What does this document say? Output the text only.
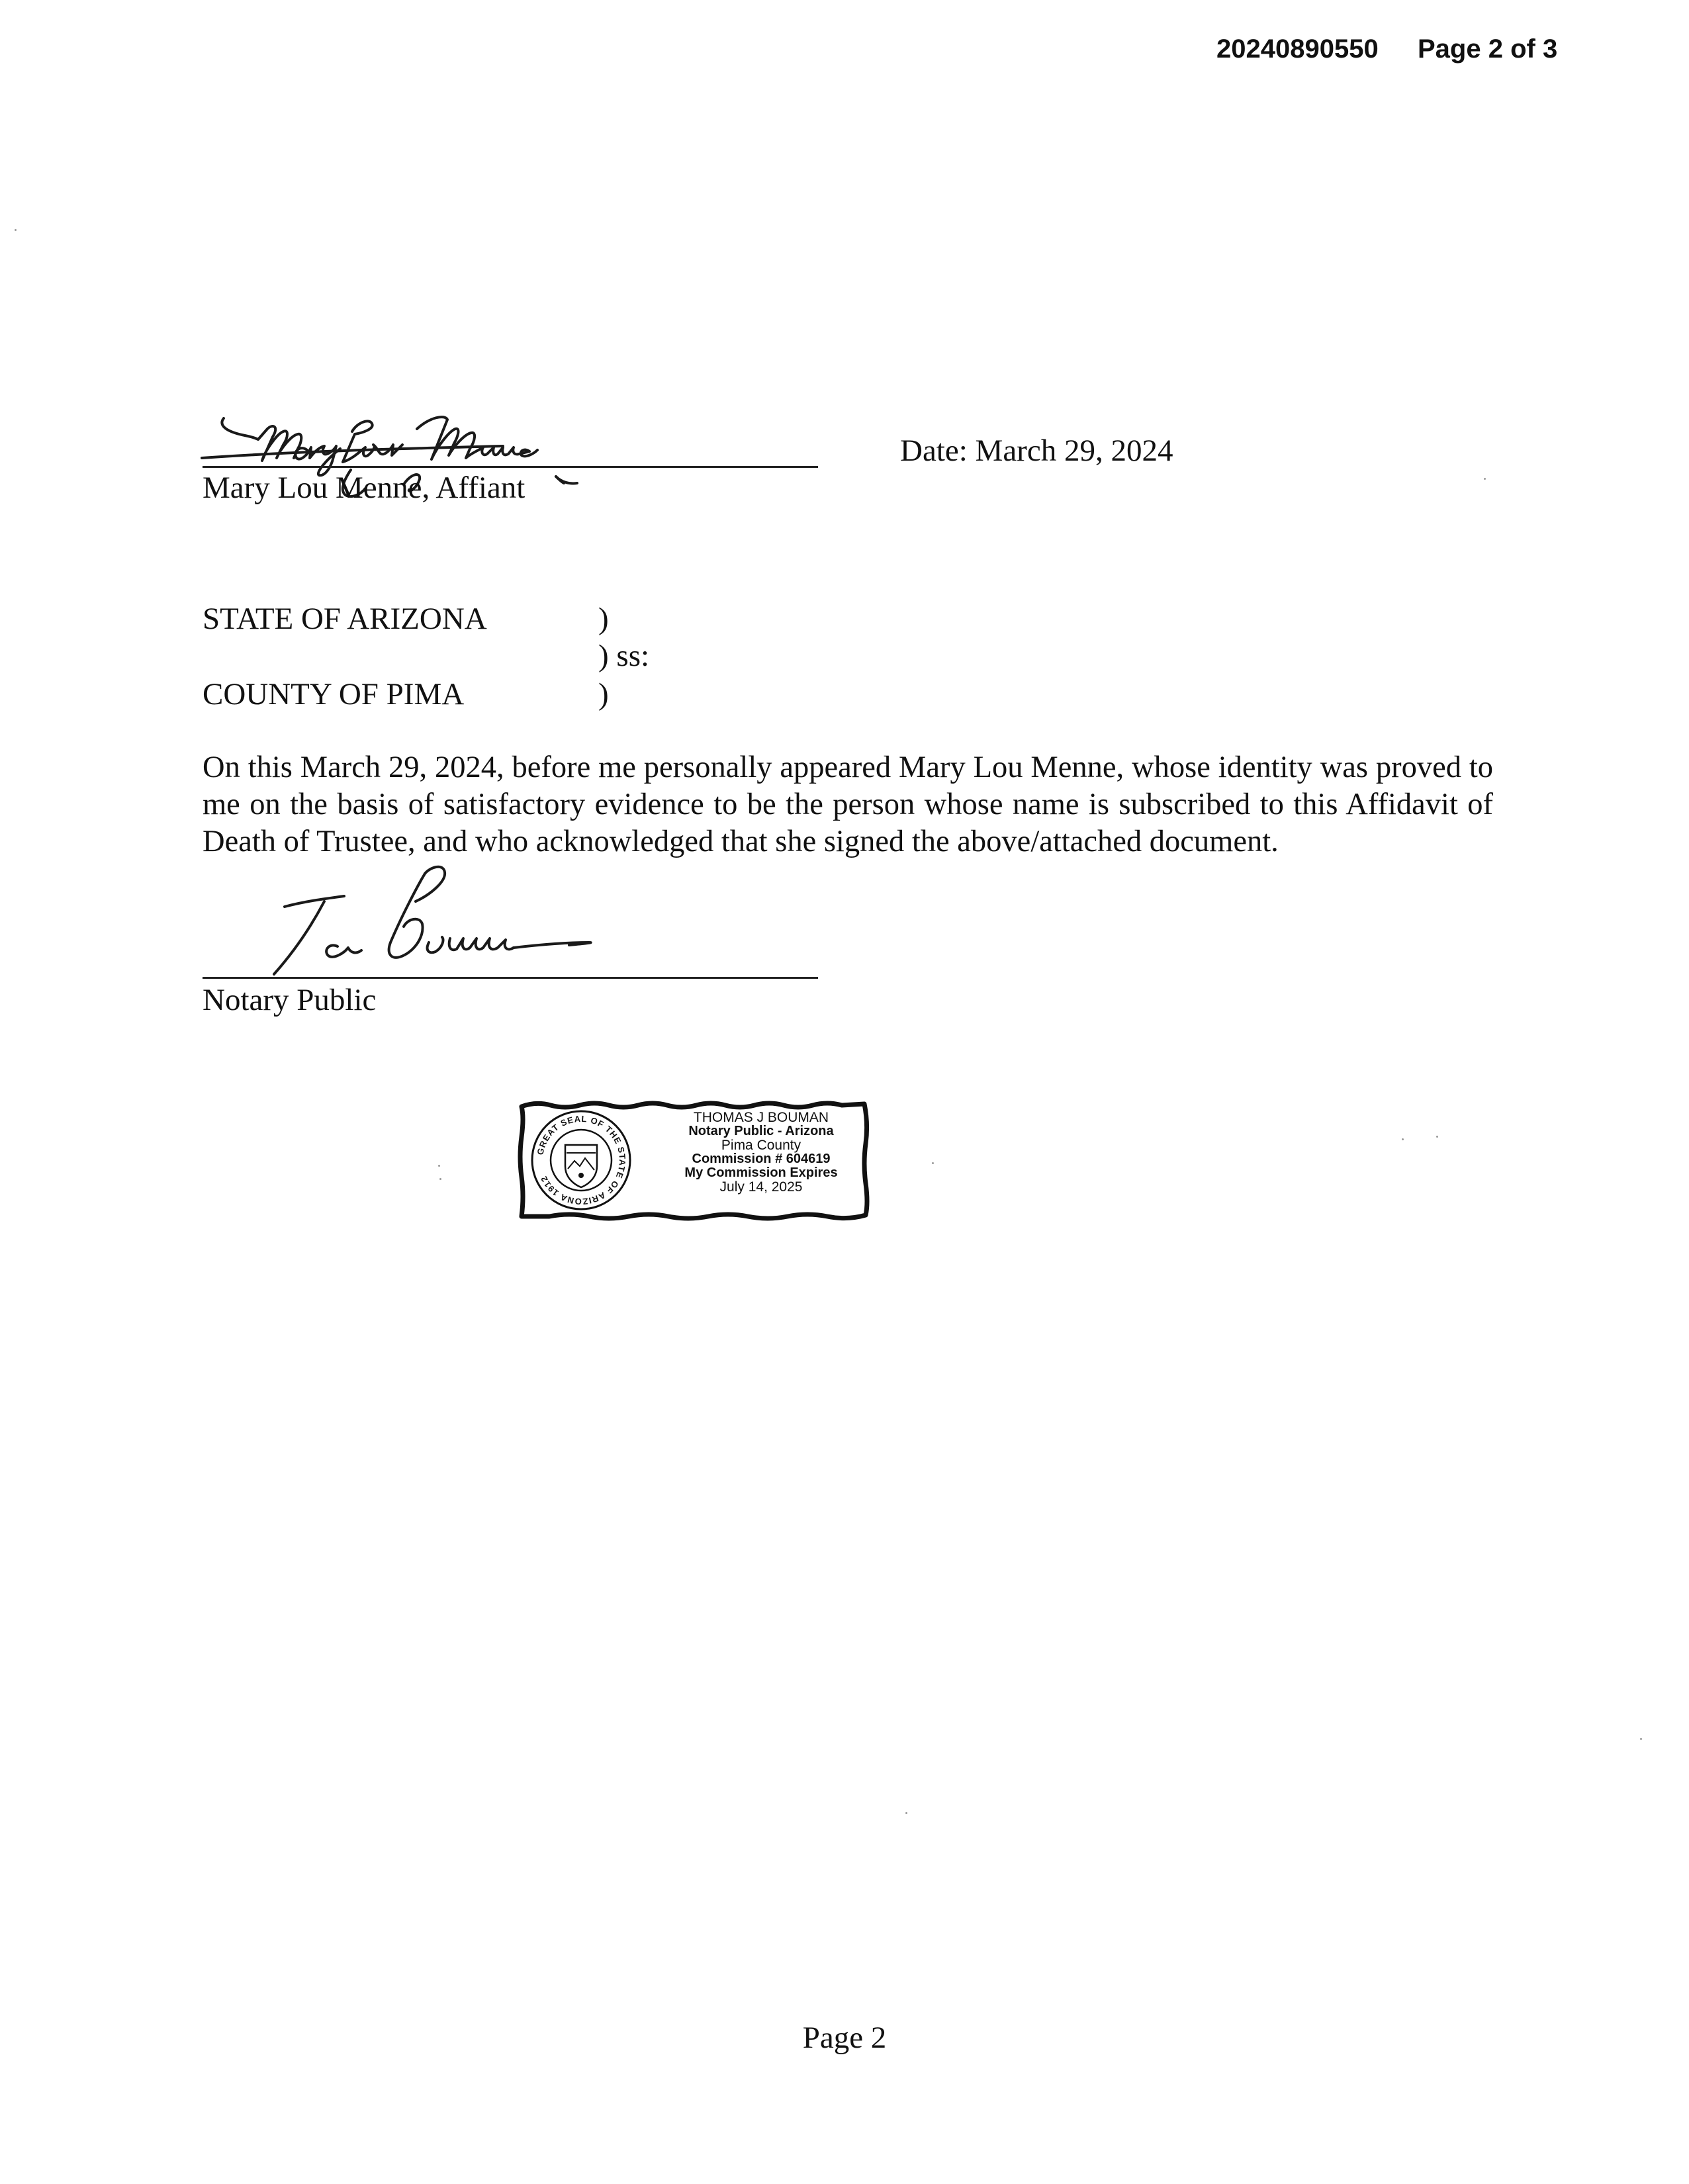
20240890550 Page 2 of 3
Mary Lou Menne, Affiant
Date: March 29, 2024
STATE OF ARIZONA	)
) ss:
COUNTY OF PIMA	)
On this March 29, 2024, before me personally appeared Mary Lou Menne, whose identity was proved to me on the basis of satisfactory evidence to be the person whose name is subscribed to this Affidavit of Death of Trustee, and who acknowledged that she signed the above/attached document.
Notary Public
GREAT SEAL OF THE STATE OF ARIZONA 1912
THOMAS J BOUMAN
Notary Public - Arizona
Pima County
Commission # 604619
My Commission Expires
July 14, 2025
Page 2
